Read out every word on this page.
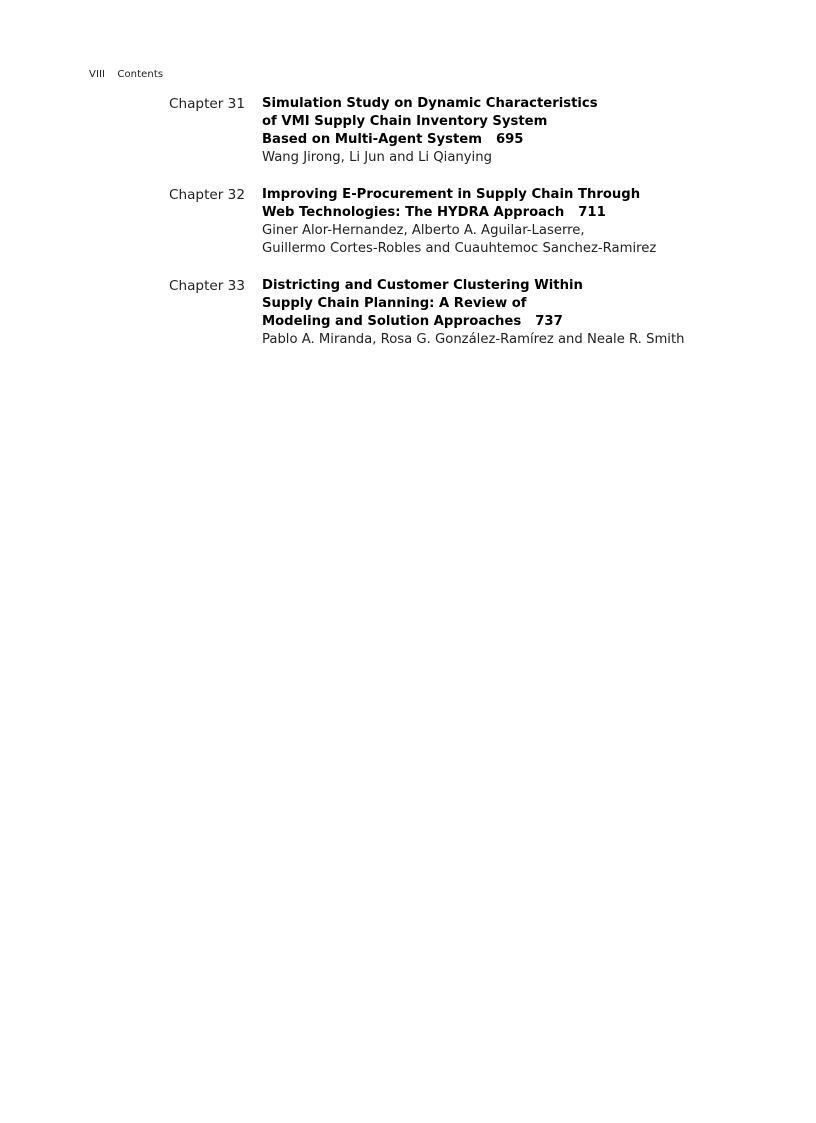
VIII Contents
Chapter 31	Simulation Study on Dynamic Characteristics
of VMI Supply Chain Inventory System
Based on Multi-Agent System 695
Wang Jirong, Li Jun and Li Qianying
Chapter 32	Improving E-Procurement in Supply Chain Through
Web Technologies: The HYDRA Approach 711
Giner Alor-Hernandez, Alberto A. Aguilar-Laserre,
Guillermo Cortes-Robles and Cuauhtemoc Sanchez-Ramirez
Chapter 33	Districting and Customer Clustering Within
Supply Chain Planning: A Review of
Modeling and Solution Approaches 737
Pablo A. Miranda, Rosa G. González-Ramírez and Neale R. Smith
